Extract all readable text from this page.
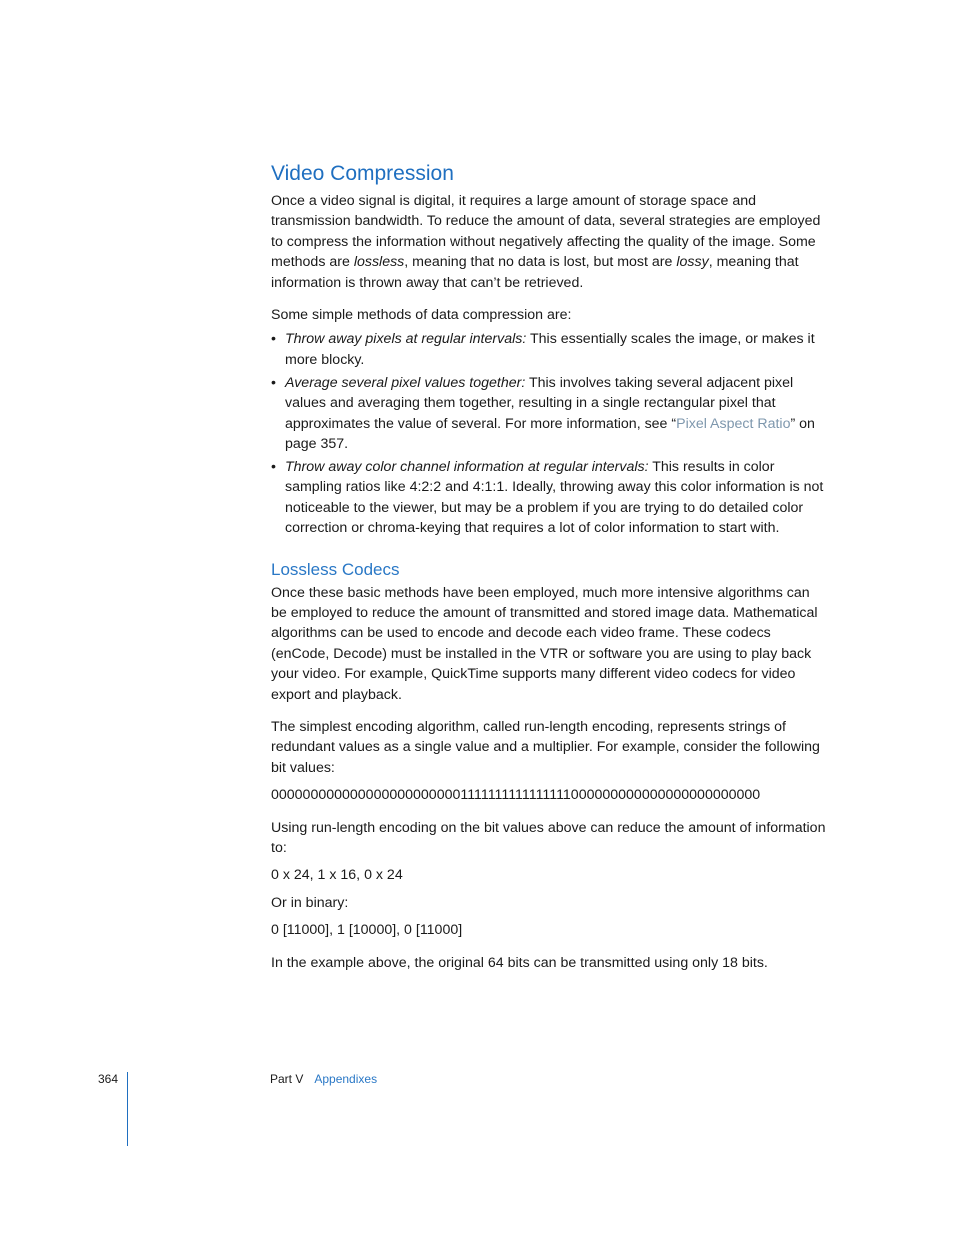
Video Compression

Once a video signal is digital, it requires a large amount of storage space and transmission bandwidth. To reduce the amount of data, several strategies are employed to compress the information without negatively affecting the quality of the image. Some methods are lossless, meaning that no data is lost, but most are lossy, meaning that information is thrown away that can’t be retrieved.

Some simple methods of data compression are:

• Throw away pixels at regular intervals: This essentially scales the image, or makes it more blocky.
• Average several pixel values together: This involves taking several adjacent pixel values and averaging them together, resulting in a single rectangular pixel that approximates the value of several. For more information, see “Pixel Aspect Ratio” on page 357.
• Throw away color channel information at regular intervals: This results in color sampling ratios like 4:2:2 and 4:1:1. Ideally, throwing away this color information is not noticeable to the viewer, but may be a problem if you are trying to do detailed color correction or chroma-keying that requires a lot of color information to start with.
Lossless Codecs

Once these basic methods have been employed, much more intensive algorithms can be employed to reduce the amount of transmitted and stored image data. Mathematical algorithms can be used to encode and decode each video frame. These codecs (enCode, Decode) must be installed in the VTR or software you are using to play back your video. For example, QuickTime supports many different video codecs for video export and playback.

The simplest encoding algorithm, called run-length encoding, represents strings of redundant values as a single value and a multiplier. For example, consider the following bit values:

0000000000000000000000001111111111111111000000000000000000000000

Using run-length encoding on the bit values above can reduce the amount of information to:

0 x 24, 1 x 16, 0 x 24

Or in binary:

0 [11000], 1 [10000], 0 [11000]

In the example above, the original 64 bits can be transmitted using only 18 bits.

364	Part V Appendixes
